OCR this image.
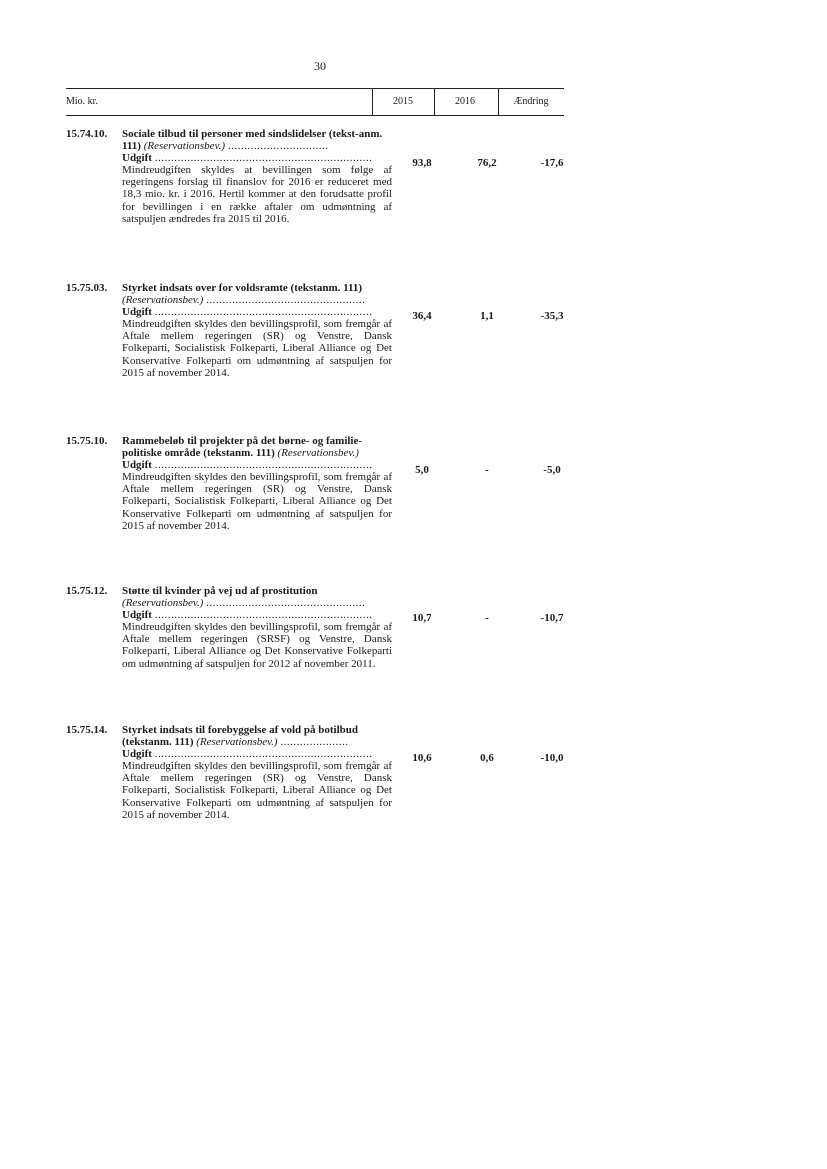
30
Mio. kr.	2015	2016	Ændring
15.74.10.	Sociale tilbud til personer med sindslidelser (tekst-anm. 111) (Reservationsbev.) ...............................
Udgift ...................................................................
Mindreudgiften skyldes at bevillingen som følge af regeringens forslag til finanslov for 2016 er reduceret med 18,3 mio. kr. i 2016. Hertil kommer at den forudsatte profil for bevillingen i en række aftaler om udmøntning af satspuljen ændredes fra 2015 til 2016.
93,8	76,2	-17,6
15.75.03.	Styrket indsats over for voldsramte (tekstanm. 111)
(Reservationsbev.) .................................................
Udgift ...................................................................
Mindreudgiften skyldes den bevillingsprofil, som fremgår af Aftale mellem regeringen (SR) og Venstre, Dansk Folkeparti, Socialistisk Folkeparti, Liberal Alliance og Det Konservative Folkeparti om udmøntning af satspuljen for 2015 af november 2014.
36,4	1,1	-35,3
15.75.10.	Rammebeløb til projekter på det børne- og familie-politiske område (tekstanm. 111) (Reservationsbev.)
Udgift ...................................................................
Mindreudgiften skyldes den bevillingsprofil, som fremgår af Aftale mellem regeringen (SR) og Venstre, Dansk Folkeparti, Socialistisk Folkeparti, Liberal Alliance og Det Konservative Folkeparti om udmøntning af satspuljen for 2015 af november 2014.
5,0	-	-5,0
15.75.12.	Støtte til kvinder på vej ud af prostitution
(Reservationsbev.) .................................................
Udgift ...................................................................
Mindreudgiften skyldes den bevillingsprofil, som fremgår af Aftale mellem regeringen (SRSF) og Venstre, Dansk Folkeparti, Liberal Alliance og Det Konservative Folkeparti om udmøntning af satspuljen for 2012 af november 2011.
10,7	-	-10,7
15.75.14.	Styrket indsats til forebyggelse af vold på botilbud (tekstanm. 111) (Reservationsbev.) .....................
Udgift ...................................................................
Mindreudgiften skyldes den bevillingsprofil, som fremgår af Aftale mellem regeringen (SR) og Venstre, Dansk Folkeparti, Socialistisk Folkeparti, Liberal Alliance og Det Konservative Folkeparti om udmøntning af satspuljen for 2015 af november 2014.
10,6	0,6	-10,0
